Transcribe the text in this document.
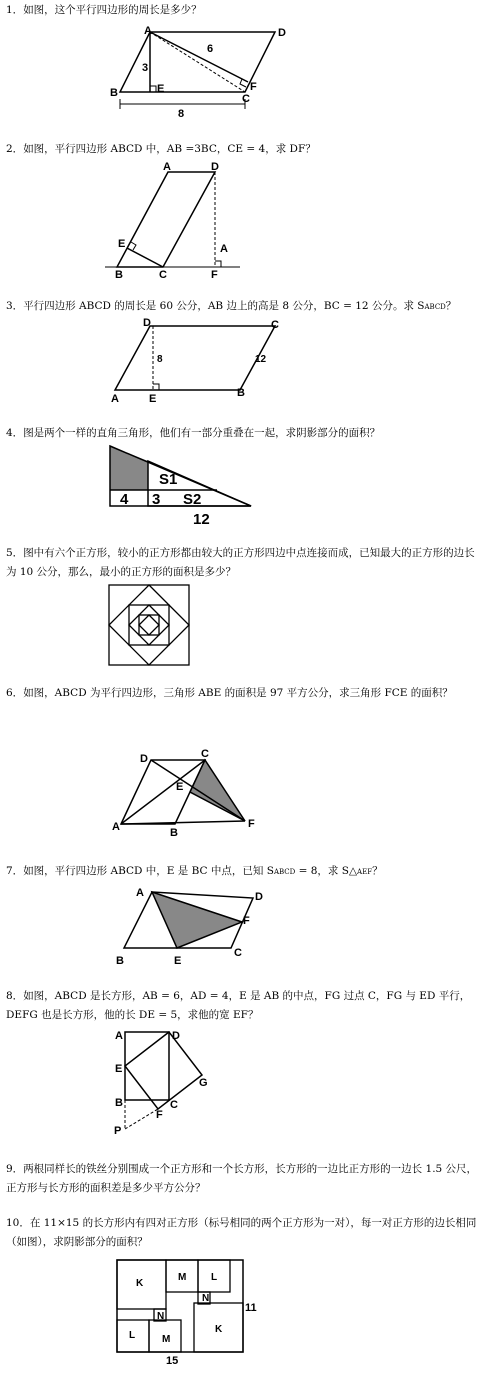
1．如图，这个平行四边形的周长是多少？
A	D
B	C
E	F
3
6
8
2．如图，平行四边形 ABCD 中，AB =3BC，CE = 4，求 DF？
A	D
B	C
E
F
A
3．平行四边形 ABCD 的周长是 60 公分，AB 边上的高是 8 公分，BC = 12 公分。求 SABCD？
D	C
A	E	B
8	12
4．图是两个一样的直角三角形，他们有一部分重叠在一起，求阴影部分的面积？
S1
S2
4 3
12
5．图中有六个正方形，较小的正方形都由较大的正方形四边中点连接而成，已知最大的正方形的边长为 10 公分，那么，最小的正方形的面积是多少？
6．如图，ABCD 为平行四边形，三角形 ABE 的面积是 97 平方公分，求三角形 FCE 的面积？
D	C
A	B
E
F
7．如图，平行四边形 ABCD 中，E 是 BC 中点，已知 SABCD = 8，求 S△AEF？
A	D
F
C
B	E
8．如图，ABCD 是长方形，AB = 6，AD = 4，E 是 AB 的中点，FG 过点 C，FG 与 ED 平行，DEFG 也是长方形，他的长 DE = 5，求他的宽 EF？
A	D
E
G
B	C
F
P
9．两根同样长的铁丝分别围成一个正方形和一个长方形，长方形的一边比正方形的一边长 1.5 公尺，正方形与长方形的面积差是多少平方公分？
10．在 11×15 的长方形内有四对正方形（标号相同的两个正方形为一对），每一对正方形的边长相同（如图），求阴影部分的面积？
K
M L
N
K
L	M
N
11
15
